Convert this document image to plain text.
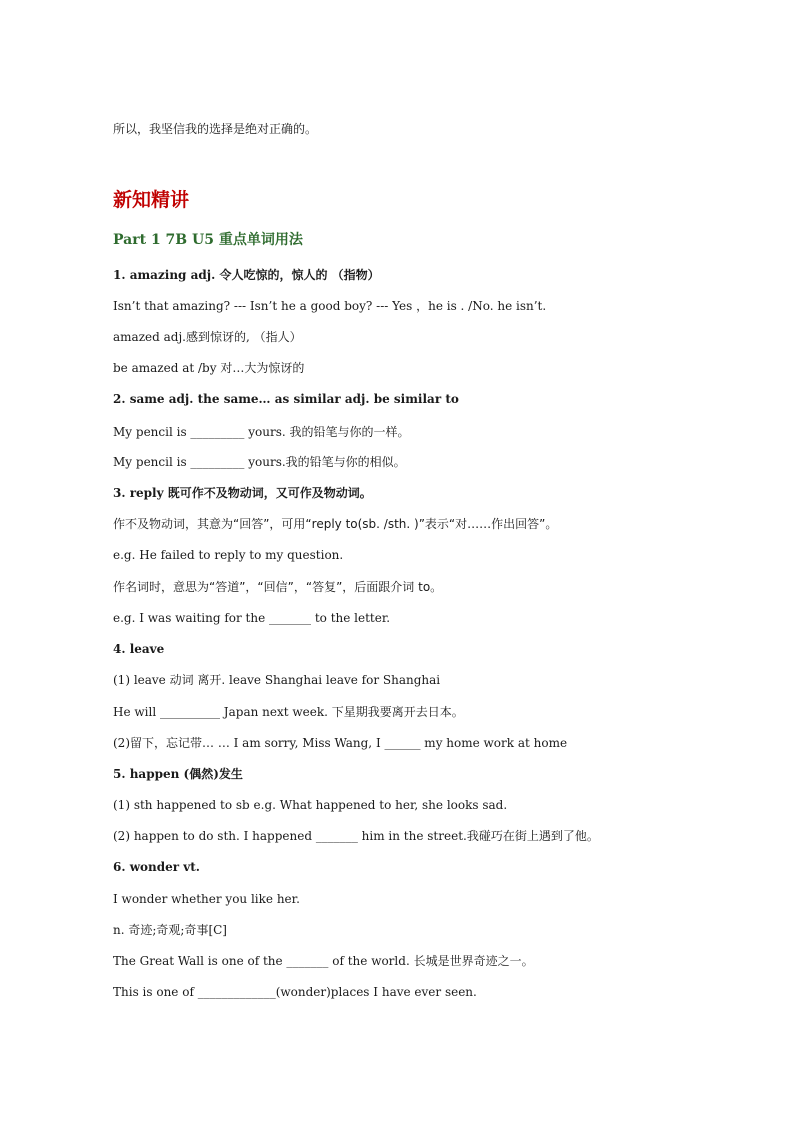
所以，我坚信我的选择是绝对正确的。
新知精讲
Part 1 7B U5 重点单词用法
1. amazing adj. 令人吃惊的，惊人的 （指物）
Isn’t that amazing? --- Isn’t he a good boy? --- Yes ，he is . /No. he isn’t.
amazed adj.感到惊讶的, （指人）
be amazed at /by 对…大为惊讶的
2. same adj. the same… as similar adj. be similar to
My pencil is _________ yours. 我的铅笔与你的一样。
My pencil is _________ yours.我的铅笔与你的相似。
3. reply 既可作不及物动词，又可作及物动词。
作不及物动词，其意为“回答”，可用“reply to(sb. /sth. )”表示“对……作出回答”。
e.g. He failed to reply to my question.
作名词时，意思为“答道”，“回信”，“答复”，后面跟介词 to。
e.g. I was waiting for the _______ to the letter.
4. leave
(1) leave 动词 离开. leave Shanghai leave for Shanghai
He will __________ Japan next week. 下星期我要离开去日本。
(2)留下，忘记带… … I am sorry, Miss Wang, I ______ my home work at home
5. happen (偶然)发生
(1) sth happened to sb e.g. What happened to her, she looks sad.
(2) happen to do sth. I happened _______ him in the street.我碰巧在街上遇到了他。
6. wonder vt.
I wonder whether you like her.
n. 奇迹;奇观;奇事[C]
The Great Wall is one of the _______ of the world. 长城是世界奇迹之一。
This is one of _____________(wonder)places I have ever seen.
